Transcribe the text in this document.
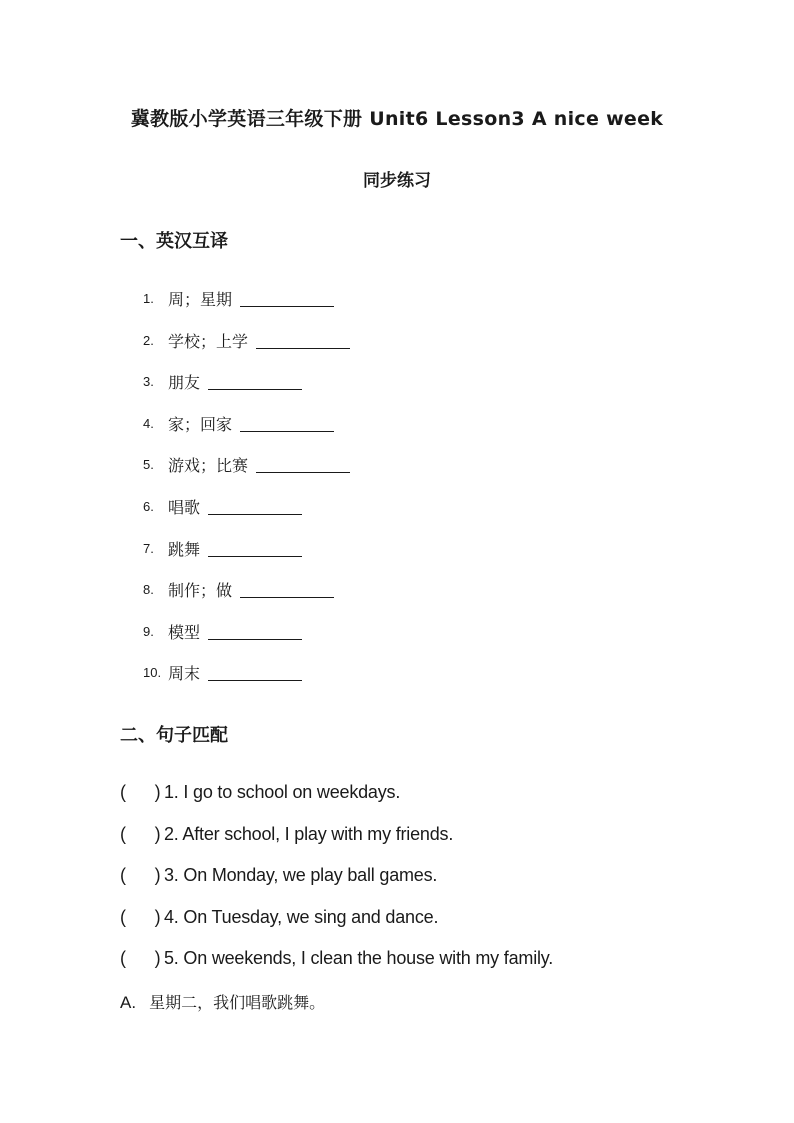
冀教版小学英语三年级下册 Unit6 Lesson3 A nice week
同步练习
一、英汉互译
1. 周；星期
2. 学校；上学
3. 朋友
4. 家；回家
5. 游戏；比赛
6. 唱歌
7. 跳舞
8. 制作；做
9. 模型
10. 周末
二、句子匹配
(      ) 1. I go to school on weekdays.
(      ) 2. After school, I play with my friends.
(      ) 3. On Monday, we play ball games.
(      ) 4. On Tuesday, we sing and dance.
(      ) 5. On weekends, I clean the house with my family.
A. 星期二，我们唱歌跳舞。
